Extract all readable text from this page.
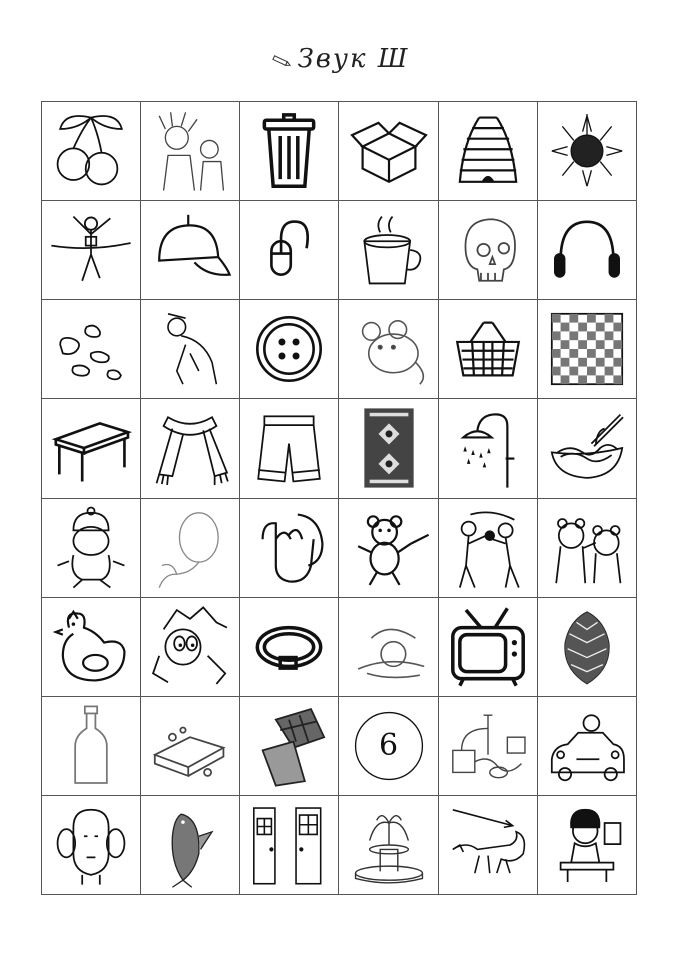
Звук Ш
6
